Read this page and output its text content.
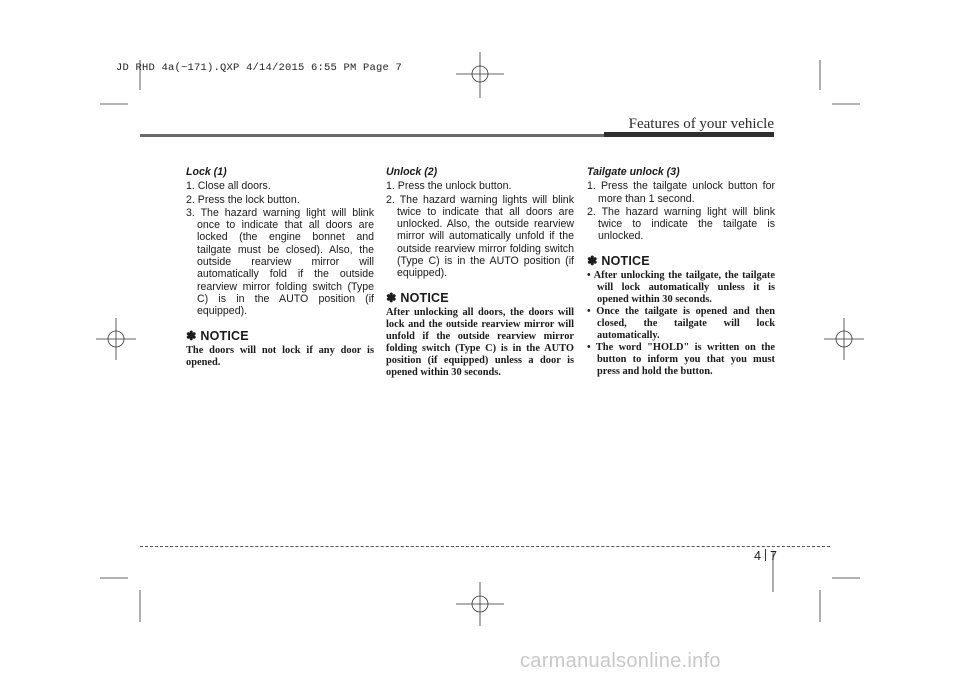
JD RHD 4a(~171).QXP 4/14/2015 6:55 PM Page 7
Features of your vehicle
Lock (1)
1. Close all doors.
2. Press the lock button.
3. The hazard warning light will blink once to indicate that all doors are locked (the engine bonnet and tailgate must be closed). Also, the outside rearview mirror will automatically fold if the outside rearview mirror folding switch (Type C) is in the AUTO position (if equipped).
✽ NOTICE

The doors will not lock if any door is opened.

Unlock (2)
1. Press the unlock button.
2. The hazard warning lights will blink twice to indicate that all doors are unlocked. Also, the outside rearview mirror will automatically unfold if the outside rearview mirror folding switch (Type C) is in the AUTO position (if equipped).
✽ NOTICE

After unlocking all doors, the doors will lock and the outside rearview mirror will unfold if the outside rearview mirror folding switch (Type C) is in the AUTO position (if equipped) unless a door is opened within 30 seconds.

Tailgate unlock (3)
1. Press the tailgate unlock button for more than 1 second.
2. The hazard warning light will blink twice to indicate the tailgate is unlocked.
✽ NOTICE
• After unlocking the tailgate, the tailgate will lock automatically unless it is opened within 30 seconds.
• Once the tailgate is opened and then closed, the tailgate will lock automatically.
• The word "HOLD" is written on the button to inform you that you must press and hold the button.
4 7
carmanualsonline.info
